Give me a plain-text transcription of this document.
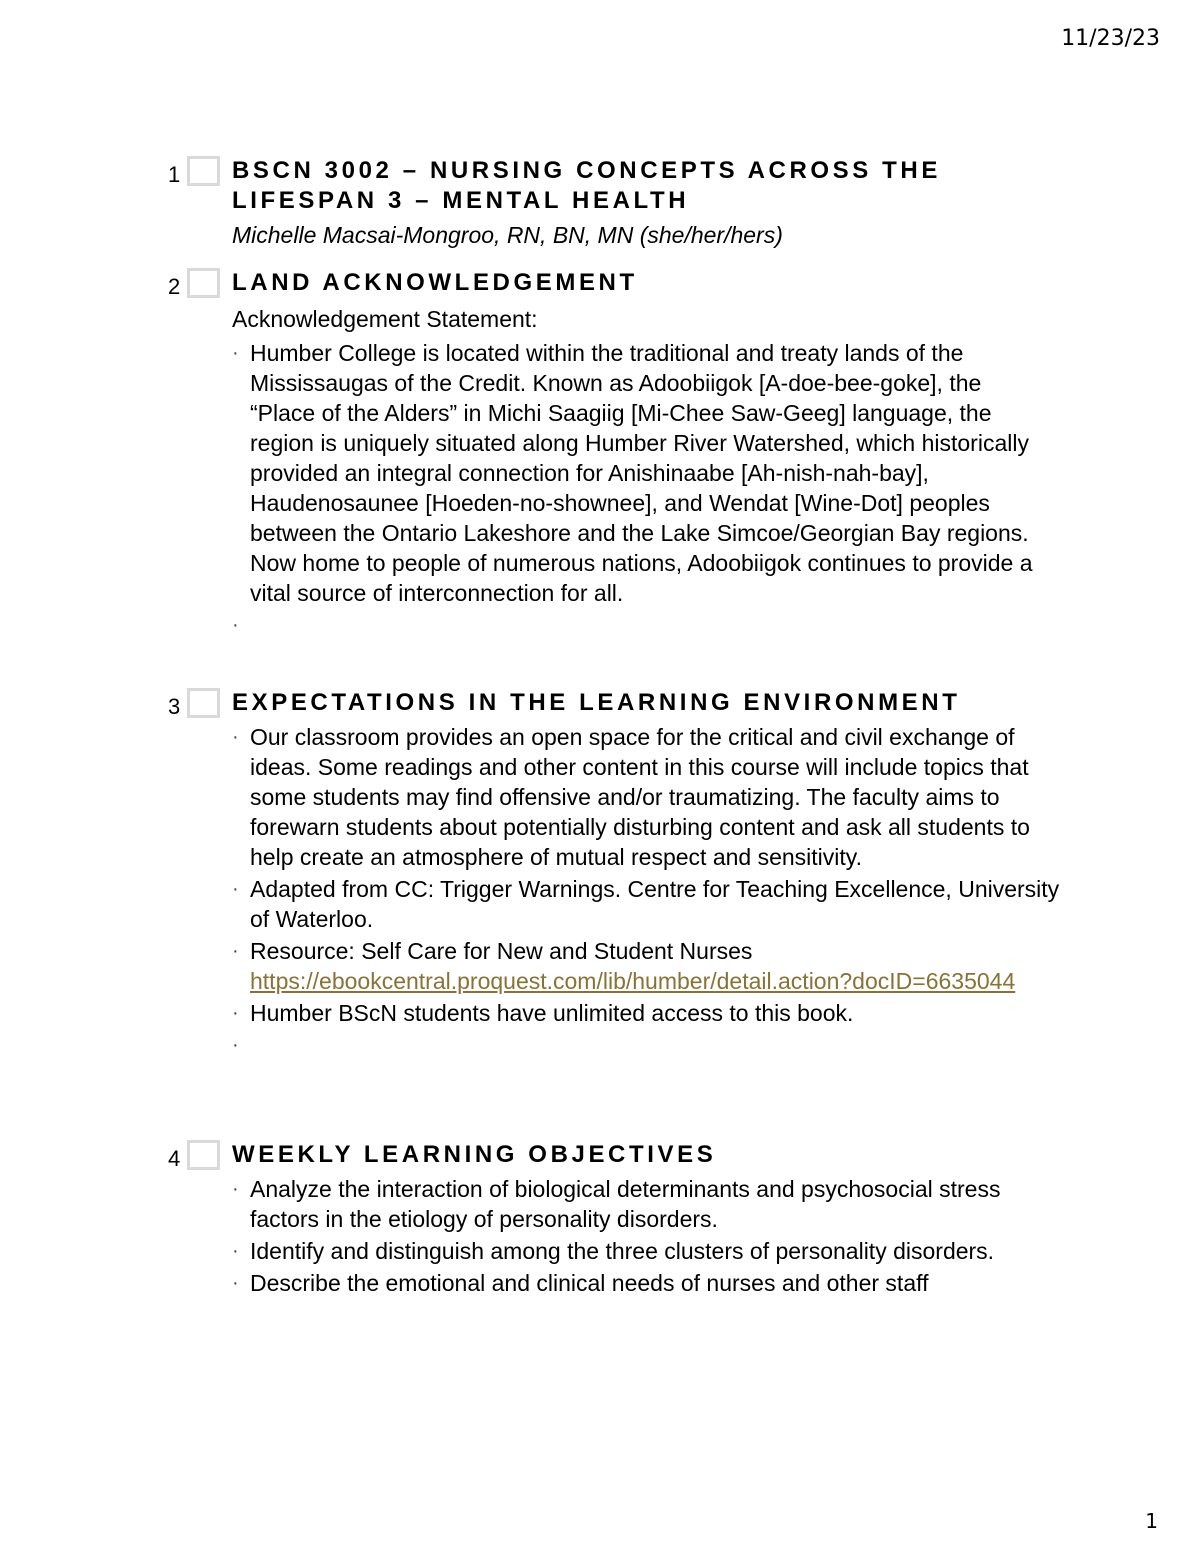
11/23/23
1 BSCN 3002 – NURSING CONCEPTS ACROSS THE LIFESPAN 3 – MENTAL HEALTH
Michelle Macsai-Mongroo, RN, BN, MN (she/her/hers)
2 LAND ACKNOWLEDGEMENT
Acknowledgement Statement:
· Humber College is located within the traditional and treaty lands of the Mississaugas of the Credit. Known as Adoobiigok [A-doe-bee-goke], the “Place of the Alders” in Michi Saagiig [Mi-Chee Saw-Geeg] language, the region is uniquely situated along Humber River Watershed, which historically provided an integral connection for Anishinaabe [Ah-nish-nah-bay], Haudenosaunee [Hoeden-no-shownee], and Wendat [Wine-Dot] peoples between the Ontario Lakeshore and the Lake Simcoe/Georgian Bay regions. Now home to people of numerous nations, Adoobiigok continues to provide a vital source of interconnection for all.
·

3 EXPECTATIONS IN THE LEARNING ENVIRONMENT
· Our classroom provides an open space for the critical and civil exchange of ideas. Some readings and other content in this course will include topics that some students may find offensive and/or traumatizing. The faculty aims to forewarn students about potentially disturbing content and ask all students to help create an atmosphere of mutual respect and sensitivity.
· Adapted from CC: Trigger Warnings. Centre for Teaching Excellence, University of Waterloo.
· Resource: Self Care for New and Student Nurses
https://ebookcentral.proquest.com/lib/humber/detail.action?docID=6635044
· Humber BScN students have unlimited access to this book.
·

4 WEEKLY LEARNING OBJECTIVES
· Analyze the interaction of biological determinants and psychosocial stress factors in the etiology of personality disorders.
· Identify and distinguish among the three clusters of personality disorders.
· Describe the emotional and clinical needs of nurses and other staff
1
